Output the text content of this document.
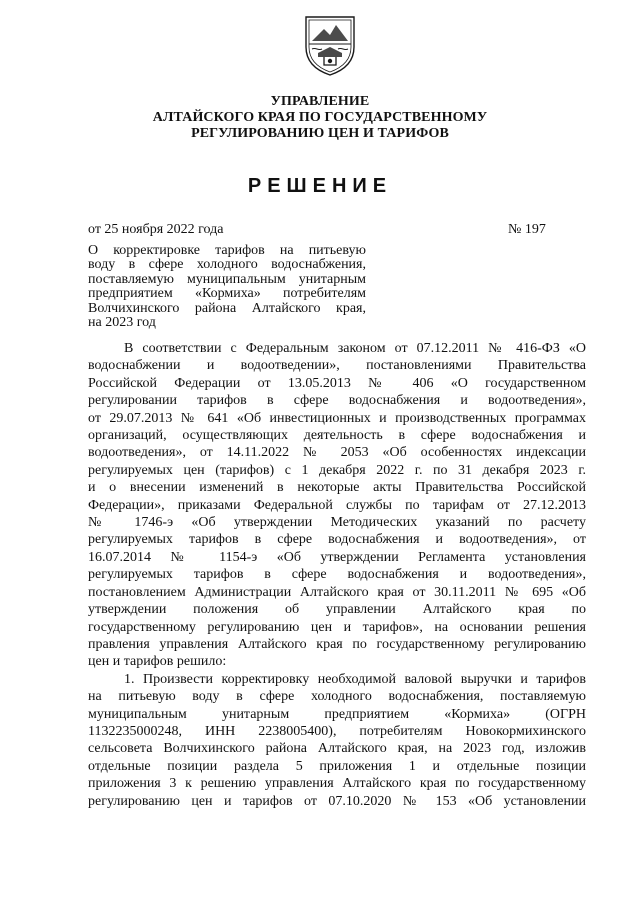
УПРАВЛЕНИЕ
АЛТАЙСКОГО КРАЯ ПО ГОСУДАРСТВЕННОМУ
РЕГУЛИРОВАНИЮ ЦЕН И ТАРИФОВ
РЕШЕНИЕ
от 25 ноября 2022 года	№ 197
О корректировке тарифов на питьевую
воду в сфере холодного водоснабжения,
поставляемую муниципальным унитарным
предприятием «Кормиха» потребителям
Волчихинского района Алтайского края,
на 2023 год
В соответствии с Федеральным законом от 07.12.2011 № 416-ФЗ «О
водоснабжении и водоотведении», постановлениями Правительства
Российской Федерации от 13.05.2013 № 406 «О государственном
регулировании тарифов в сфере водоснабжения и водоотведения»,
от 29.07.2013 № 641 «Об инвестиционных и производственных программах
организаций, осуществляющих деятельность в сфере водоснабжения и
водоотведения», от 14.11.2022 № 2053 «Об особенностях индексации
регулируемых цен (тарифов) с 1 декабря 2022 г. по 31 декабря 2023 г.
и о внесении изменений в некоторые акты Правительства Российской
Федерации», приказами Федеральной службы по тарифам от 27.12.2013
№ 1746-э «Об утверждении Методических указаний по расчету
регулируемых тарифов в сфере водоснабжения и водоотведения», от
16.07.2014 № 1154-э «Об утверждении Регламента установления
регулируемых тарифов в сфере водоснабжения и водоотведения»,
постановлением Администрации Алтайского края от 30.11.2011 № 695 «Об
утверждении положения об управлении Алтайского края по
государственному регулированию цен и тарифов», на основании решения
правления управления Алтайского края по государственному регулированию
цен и тарифов решило:
1. Произвести корректировку необходимой валовой выручки и тарифов
на питьевую воду в сфере холодного водоснабжения, поставляемую
муниципальным унитарным предприятием «Кормиха» (ОГРН
1132235000248, ИНН 2238005400), потребителям Новокормихинского
сельсовета Волчихинского района Алтайского края, на 2023 год, изложив
отдельные позиции раздела 5 приложения 1 и отдельные позиции
приложения 3 к решению управления Алтайского края по государственному
регулированию цен и тарифов от 07.10.2020 № 153 «Об установлении
